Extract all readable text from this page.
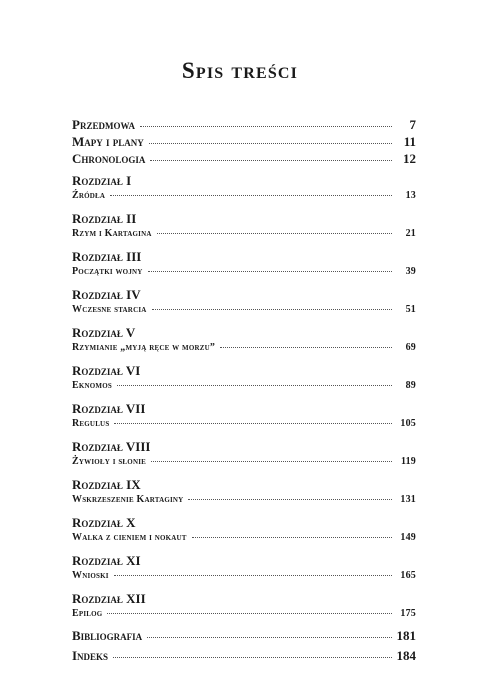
Spis treści
Przedmowa	7
Mapy i plany	11
Chronologia	12
Rozdział I
Źródła	13
Rozdział II
Rzym i Kartagina	21
Rozdział III
Początki wojny	39
Rozdział IV
Wczesne starcia	51
Rozdział V
Rzymianie „myją ręce w morzu”	69
Rozdział VI
Eknomos	89
Rozdział VII
Regulus	105
Rozdział VIII
Żywioły i słonie	119
Rozdział IX
Wskrzeszenie Kartaginy	131
Rozdział X
Walka z cieniem i nokaut	149
Rozdział XI
Wnioski	165
Rozdział XII
Epilog	175
Bibliografia	181
Indeks	184
